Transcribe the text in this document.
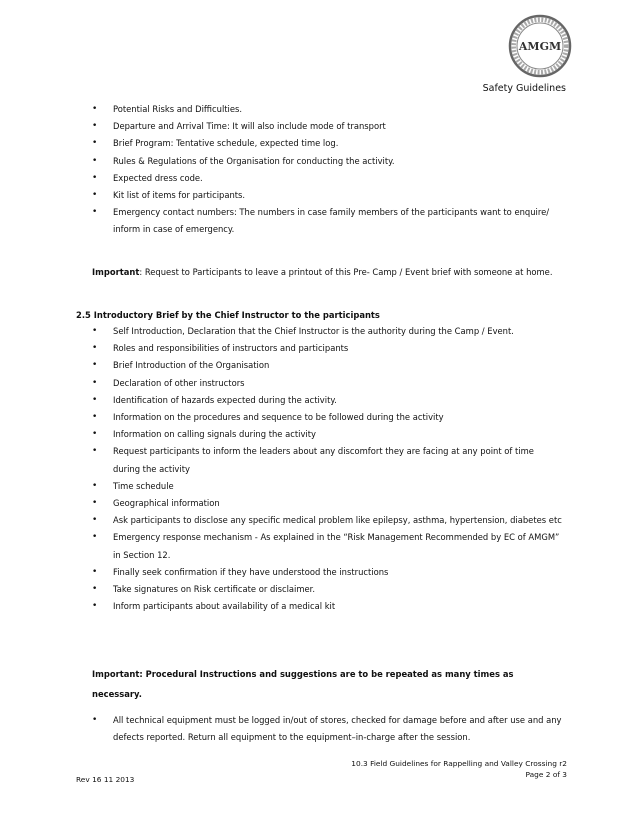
AMGM
Safety Guidelines
• Potential Risks and Difficulties.
• Departure and Arrival Time: It will also include mode of transport
• Brief Program: Tentative schedule, expected time log.
• Rules & Regulations of the Organisation for conducting the activity.
• Expected dress code.
• Kit list of items for participants.
• Emergency contact numbers: The numbers in case family members of the participants want to enquire/ inform in case of emergency.
Important: Request to Participants to leave a printout of this Pre- Camp / Event brief with someone at home.
2.5 Introductory Brief by the Chief Instructor to the participants
• Self Introduction, Declaration that the Chief Instructor is the authority during the Camp / Event.
• Roles and responsibilities of instructors and participants
• Brief Introduction of the Organisation
• Declaration of other instructors
• Identification of hazards expected during the activity.
• Information on the procedures and sequence to be followed during the activity
• Information on calling signals during the activity
• Request participants to inform the leaders about any discomfort they are facing at any point of time during the activity
• Time schedule
• Geographical information
• Ask participants to disclose any specific medical problem like epilepsy, asthma, hypertension, diabetes etc
• Emergency response mechanism - As explained in the “Risk Management Recommended by EC of AMGM” in Section 12.
• Finally seek confirmation if they have understood the instructions
• Take signatures on Risk certificate or disclaimer.
• Inform participants about availability of a medical kit
Important: Procedural Instructions and suggestions are to be repeated as many times as necessary.
• All technical equipment must be logged in/out of stores, checked for damage before and after use and any defects reported. Return all equipment to the equipment–in-charge after the session.
10.3 Field Guidelines for Rappelling and Valley Crossing r2
Page 2 of 3
Rev 16 11 2013
